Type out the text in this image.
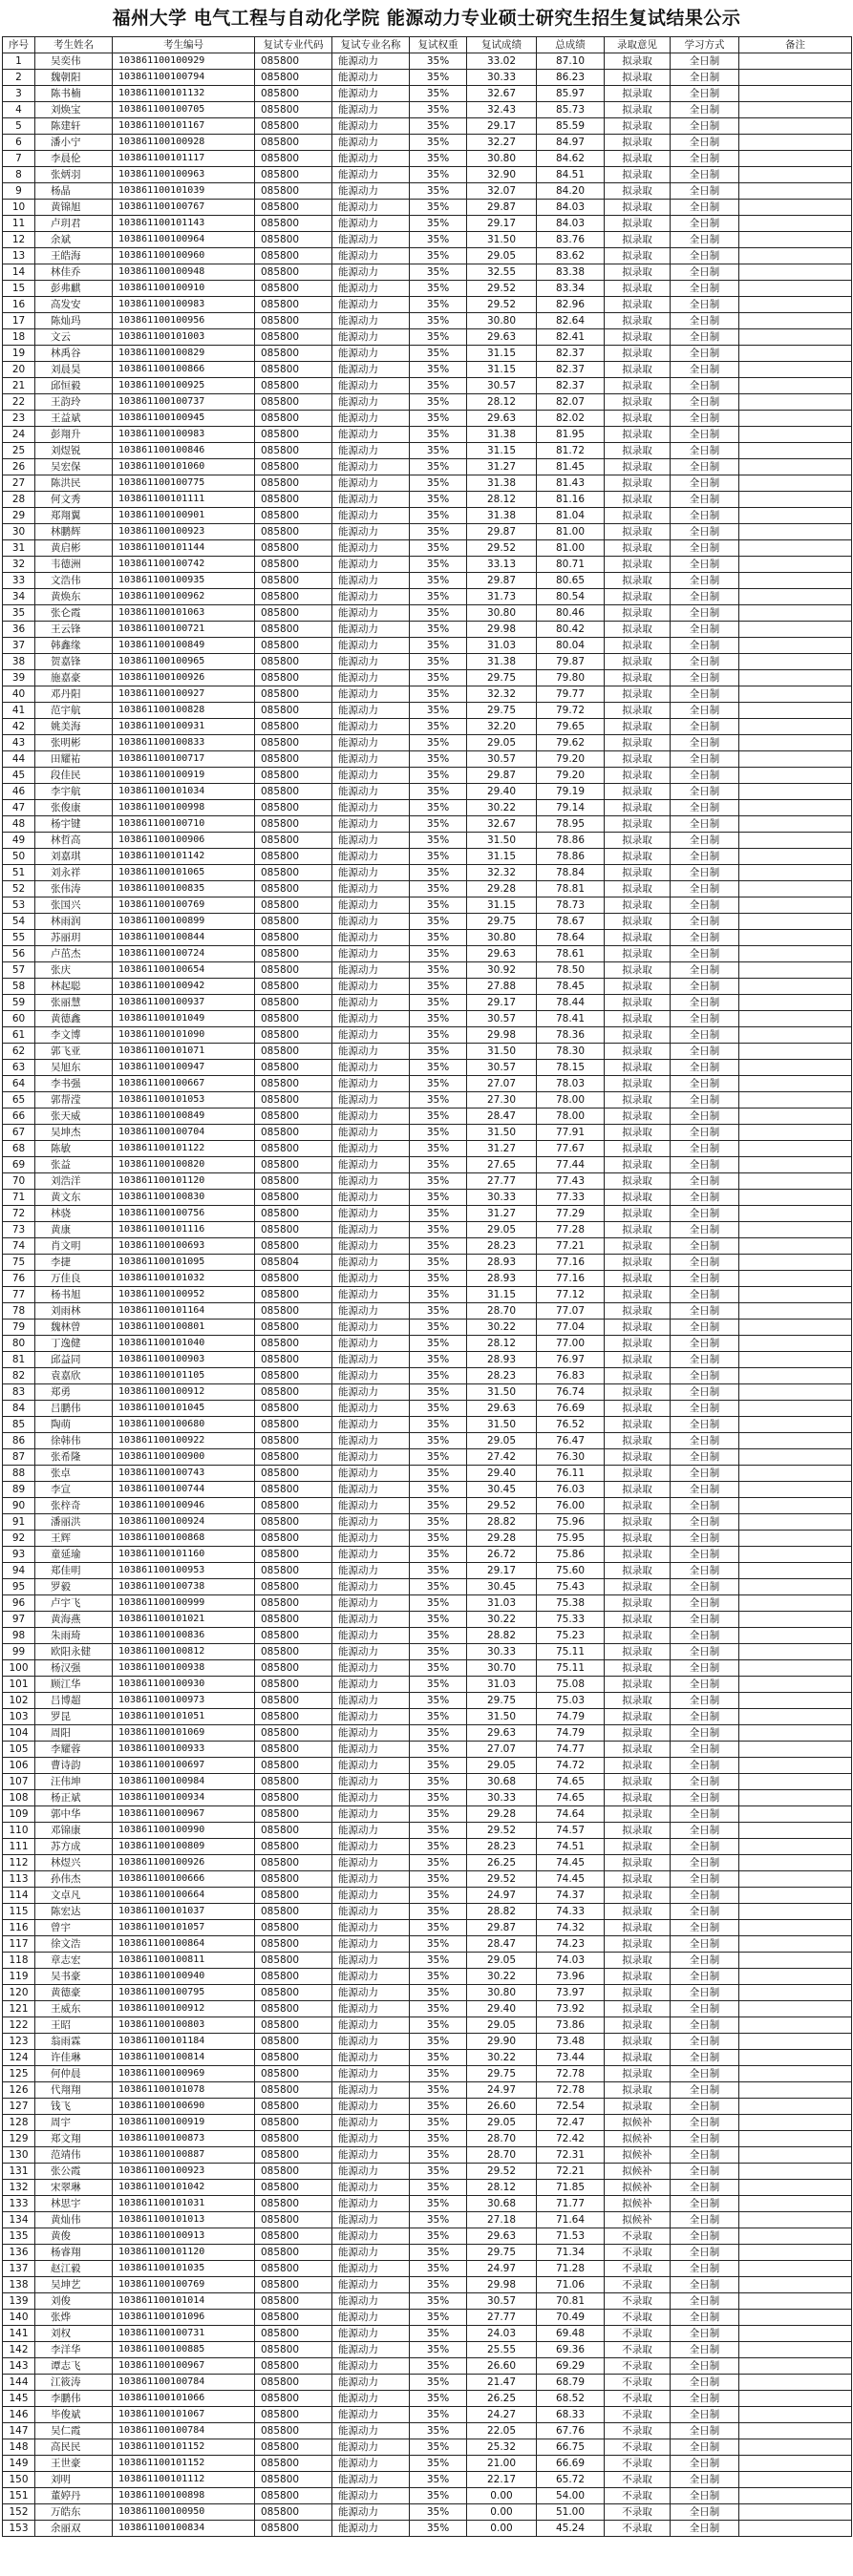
福州大学 电气工程与自动化学院 能源动力专业硕士研究生招生复试结果公示
序号	考生姓名	考生编号	复试专业代码	复试专业名称	复试权重	复试成绩	总成绩	录取意见	学习方式	备注
1	吴奕伟	103861100100929	085800	能源动力	35%	33.02	87.10	拟录取	全日制	
2	魏朝阳	103861100100794	085800	能源动力	35%	30.33	86.23	拟录取	全日制	
3	陈书楠	103861100101132	085800	能源动力	35%	32.67	85.97	拟录取	全日制	
4	刘焕宝	103861100100705	085800	能源动力	35%	32.43	85.73	拟录取	全日制	
5	陈建轩	103861100101167	085800	能源动力	35%	29.17	85.59	拟录取	全日制	
6	潘小宁	103861100100928	085800	能源动力	35%	32.27	84.97	拟录取	全日制	
7	李晨伦	103861100101117	085800	能源动力	35%	30.80	84.62	拟录取	全日制	
8	张炳羽	103861100100963	085800	能源动力	35%	32.90	84.51	拟录取	全日制	
9	杨晶	103861100101039	085800	能源动力	35%	32.07	84.20	拟录取	全日制	
10	黄锦旭	103861100100767	085800	能源动力	35%	29.87	84.03	拟录取	全日制	
11	卢玥君	103861100101143	085800	能源动力	35%	29.17	84.03	拟录取	全日制	
12	余斌	103861100100964	085800	能源动力	35%	31.50	83.76	拟录取	全日制	
13	王皓海	103861100100960	085800	能源动力	35%	29.05	83.62	拟录取	全日制	
14	林佳乔	103861100100948	085800	能源动力	35%	32.55	83.38	拟录取	全日制	
15	彭弗麒	103861100100910	085800	能源动力	35%	29.52	83.34	拟录取	全日制	
16	高发安	103861100100983	085800	能源动力	35%	29.52	82.96	拟录取	全日制	
17	陈灿玛	103861100100956	085800	能源动力	35%	30.80	82.64	拟录取	全日制	
18	文云	103861100101003	085800	能源动力	35%	29.63	82.41	拟录取	全日制	
19	林禹谷	103861100100829	085800	能源动力	35%	31.15	82.37	拟录取	全日制	
20	刘晨昊	103861100100866	085800	能源动力	35%	31.15	82.37	拟录取	全日制	
21	邱恒毅	103861100100925	085800	能源动力	35%	30.57	82.37	拟录取	全日制	
22	王韵玲	103861100100737	085800	能源动力	35%	28.12	82.07	拟录取	全日制	
23	王益斌	103861100100945	085800	能源动力	35%	29.63	82.02	拟录取	全日制	
24	彭翔升	103861100100983	085800	能源动力	35%	31.38	81.95	拟录取	全日制	
25	刘煜锐	103861100100846	085800	能源动力	35%	31.15	81.72	拟录取	全日制	
26	吴宏保	103861100101060	085800	能源动力	35%	31.27	81.45	拟录取	全日制	
27	陈洪民	103861100100775	085800	能源动力	35%	31.38	81.43	拟录取	全日制	
28	何文秀	103861100101111	085800	能源动力	35%	28.12	81.16	拟录取	全日制	
29	郑翔翼	103861100100901	085800	能源动力	35%	31.38	81.04	拟录取	全日制	
30	林鹏辉	103861100100923	085800	能源动力	35%	29.87	81.00	拟录取	全日制	
31	黄启彬	103861100101144	085800	能源动力	35%	29.52	81.00	拟录取	全日制	
32	韦德洲	103861100100742	085800	能源动力	35%	33.13	80.71	拟录取	全日制	
33	文浩伟	103861100100935	085800	能源动力	35%	29.87	80.65	拟录取	全日制	
34	黄焕东	103861100100962	085800	能源动力	35%	31.73	80.54	拟录取	全日制	
35	张仑霞	103861100101063	085800	能源动力	35%	30.80	80.46	拟录取	全日制	
36	王云锋	103861100100721	085800	能源动力	35%	29.98	80.42	拟录取	全日制	
37	韩鑫缘	103861100100849	085800	能源动力	35%	31.03	80.04	拟录取	全日制	
38	贺嘉锋	103861100100965	085800	能源动力	35%	31.38	79.87	拟录取	全日制	
39	施嘉豪	103861100100926	085800	能源动力	35%	29.75	79.80	拟录取	全日制	
40	邓丹阳	103861100100927	085800	能源动力	35%	32.32	79.77	拟录取	全日制	
41	范宇航	103861100100828	085800	能源动力	35%	29.75	79.72	拟录取	全日制	
42	姚美海	103861100100931	085800	能源动力	35%	32.20	79.65	拟录取	全日制	
43	张明彬	103861100100833	085800	能源动力	35%	29.05	79.62	拟录取	全日制	
44	田耀祐	103861100100717	085800	能源动力	35%	30.57	79.20	拟录取	全日制	
45	段佳民	103861100100919	085800	能源动力	35%	29.87	79.20	拟录取	全日制	
46	李宇航	103861100101034	085800	能源动力	35%	29.40	79.19	拟录取	全日制	
47	张俊康	103861100100998	085800	能源动力	35%	30.22	79.14	拟录取	全日制	
48	杨宇键	103861100100710	085800	能源动力	35%	32.67	78.95	拟录取	全日制	
49	林哲高	103861100100906	085800	能源动力	35%	31.50	78.86	拟录取	全日制	
50	刘嘉琪	103861100101142	085800	能源动力	35%	31.15	78.86	拟录取	全日制	
51	刘永祥	103861100101065	085800	能源动力	35%	32.32	78.84	拟录取	全日制	
52	张伟涛	103861100100835	085800	能源动力	35%	29.28	78.81	拟录取	全日制	
53	张国兴	103861100100769	085800	能源动力	35%	31.15	78.73	拟录取	全日制	
54	林雨润	103861100100899	085800	能源动力	35%	29.75	78.67	拟录取	全日制	
55	苏丽玥	103861100100844	085800	能源动力	35%	30.80	78.64	拟录取	全日制	
56	卢茁杰	103861100100724	085800	能源动力	35%	29.63	78.61	拟录取	全日制	
57	张庆	103861100100654	085800	能源动力	35%	30.92	78.50	拟录取	全日制	
58	林起聪	103861100100942	085800	能源动力	35%	27.88	78.45	拟录取	全日制	
59	张丽慧	103861100100937	085800	能源动力	35%	29.17	78.44	拟录取	全日制	
60	黄德鑫	103861100101049	085800	能源动力	35%	30.57	78.41	拟录取	全日制	
61	李文博	103861100101090	085800	能源动力	35%	29.98	78.36	拟录取	全日制	
62	郭飞亚	103861100101071	085800	能源动力	35%	31.50	78.30	拟录取	全日制	
63	吴旭东	103861100100947	085800	能源动力	35%	30.57	78.15	拟录取	全日制	
64	李书强	103861100100667	085800	能源动力	35%	27.07	78.03	拟录取	全日制	
65	郭帮滢	103861100101053	085800	能源动力	35%	27.30	78.00	拟录取	全日制	
66	张天威	103861100100849	085800	能源动力	35%	28.47	78.00	拟录取	全日制	
67	吴坤杰	103861100100704	085800	能源动力	35%	31.50	77.91	拟录取	全日制	
68	陈敏	103861100101122	085800	能源动力	35%	31.27	77.67	拟录取	全日制	
69	张益	103861100100820	085800	能源动力	35%	27.65	77.44	拟录取	全日制	
70	刘浩洋	103861100101120	085800	能源动力	35%	27.77	77.43	拟录取	全日制	
71	黄文东	103861100100830	085800	能源动力	35%	30.33	77.33	拟录取	全日制	
72	林骁	103861100100756	085800	能源动力	35%	31.27	77.29	拟录取	全日制	
73	黄康	103861100101116	085800	能源动力	35%	29.05	77.28	拟录取	全日制	
74	肖文明	103861100100693	085800	能源动力	35%	28.23	77.21	拟录取	全日制	
75	李捷	103861100101095	085804	能源动力	35%	28.93	77.16	拟录取	全日制	
76	万佳良	103861100101032	085800	能源动力	35%	28.93	77.16	拟录取	全日制	
77	杨书旭	103861100100952	085800	能源动力	35%	31.15	77.12	拟录取	全日制	
78	刘雨林	103861100101164	085800	能源动力	35%	28.70	77.07	拟录取	全日制	
79	魏林曾	103861100100801	085800	能源动力	35%	30.22	77.04	拟录取	全日制	
80	丁逸健	103861100101040	085800	能源动力	35%	28.12	77.00	拟录取	全日制	
81	邱益同	103861100100903	085800	能源动力	35%	28.93	76.97	拟录取	全日制	
82	袁嘉欣	103861100101105	085800	能源动力	35%	28.23	76.83	拟录取	全日制	
83	郑勇	103861100100912	085800	能源动力	35%	31.50	76.74	拟录取	全日制	
84	吕鹏伟	103861100101045	085800	能源动力	35%	29.63	76.69	拟录取	全日制	
85	陶萌	103861100100680	085800	能源动力	35%	31.50	76.52	拟录取	全日制	
86	徐韩伟	103861100100922	085800	能源动力	35%	29.05	76.47	拟录取	全日制	
87	张希隆	103861100100900	085800	能源动力	35%	27.42	76.30	拟录取	全日制	
88	张卓	103861100100743	085800	能源动力	35%	29.40	76.11	拟录取	全日制	
89	李宣	103861100100744	085800	能源动力	35%	30.45	76.03	拟录取	全日制	
90	张梓奇	103861100100946	085800	能源动力	35%	29.52	76.00	拟录取	全日制	
91	潘丽洪	103861100100924	085800	能源动力	35%	28.82	75.96	拟录取	全日制	
92	王辉	103861100100868	085800	能源动力	35%	29.28	75.95	拟录取	全日制	
93	童延瑜	103861100101160	085800	能源动力	35%	26.72	75.86	拟录取	全日制	
94	郑佳明	103861100100953	085800	能源动力	35%	29.17	75.60	拟录取	全日制	
95	罗毅	103861100100738	085800	能源动力	35%	30.45	75.43	拟录取	全日制	
96	卢宇飞	103861100100999	085800	能源动力	35%	31.03	75.38	拟录取	全日制	
97	黄海燕	103861100101021	085800	能源动力	35%	30.22	75.33	拟录取	全日制	
98	朱雨琦	103861100100836	085800	能源动力	35%	28.82	75.23	拟录取	全日制	
99	欧阳永健	103861100100812	085800	能源动力	35%	30.33	75.11	拟录取	全日制	
100	杨汉强	103861100100938	085800	能源动力	35%	30.70	75.11	拟录取	全日制	
101	顾江华	103861100100930	085800	能源动力	35%	31.03	75.08	拟录取	全日制	
102	吕博超	103861100100973	085800	能源动力	35%	29.75	75.03	拟录取	全日制	
103	罗昆	103861100101051	085800	能源动力	35%	31.50	74.79	拟录取	全日制	
104	周阳	103861100101069	085800	能源动力	35%	29.63	74.79	拟录取	全日制	
105	李耀蓉	103861100100933	085800	能源动力	35%	27.07	74.77	拟录取	全日制	
106	曹诗韵	103861100100697	085800	能源动力	35%	29.05	74.72	拟录取	全日制	
107	汪伟坤	103861100100984	085800	能源动力	35%	30.68	74.65	拟录取	全日制	
108	杨正斌	103861100100934	085800	能源动力	35%	30.33	74.65	拟录取	全日制	
109	郭中华	103861100100967	085800	能源动力	35%	29.28	74.64	拟录取	全日制	
110	邓锦康	103861100100990	085800	能源动力	35%	29.52	74.57	拟录取	全日制	
111	苏方成	103861100100809	085800	能源动力	35%	28.23	74.51	拟录取	全日制	
112	林煜兴	103861100100926	085800	能源动力	35%	26.25	74.45	拟录取	全日制	
113	孙伟杰	103861100100666	085800	能源动力	35%	29.52	74.45	拟录取	全日制	
114	文卓凡	103861100100664	085800	能源动力	35%	24.97	74.37	拟录取	全日制	
115	陈宏达	103861100101037	085800	能源动力	35%	28.82	74.33	拟录取	全日制	
116	曾宇	103861100101057	085800	能源动力	35%	29.87	74.32	拟录取	全日制	
117	徐文浩	103861100100864	085800	能源动力	35%	28.47	74.23	拟录取	全日制	
118	章志宏	103861100100811	085800	能源动力	35%	29.05	74.03	拟录取	全日制	
119	吴书豪	103861100100940	085800	能源动力	35%	30.22	73.96	拟录取	全日制	
120	黄德豪	103861100100795	085800	能源动力	35%	30.80	73.97	拟录取	全日制	
121	王威东	103861100100912	085800	能源动力	35%	29.40	73.92	拟录取	全日制	
122	王昭	103861100100803	085800	能源动力	35%	29.05	73.86	拟录取	全日制	
123	翁雨霖	103861100101184	085800	能源动力	35%	29.90	73.48	拟录取	全日制	
124	许佳琳	103861100100814	085800	能源动力	35%	30.22	73.44	拟录取	全日制	
125	何仲晨	103861100100969	085800	能源动力	35%	29.75	72.78	拟录取	全日制	
126	代翔翔	103861100101078	085800	能源动力	35%	24.97	72.78	拟录取	全日制	
127	钱飞	103861100100690	085800	能源动力	35%	26.60	72.54	拟录取	全日制	
128	周宇	103861100100919	085800	能源动力	35%	29.05	72.47	拟候补	全日制	
129	郑文翔	103861100100873	085800	能源动力	35%	28.70	72.42	拟候补	全日制	
130	范靖伟	103861100100887	085800	能源动力	35%	28.70	72.31	拟候补	全日制	
131	张公霞	103861100100923	085800	能源动力	35%	29.52	72.21	拟候补	全日制	
132	宋翠琳	103861100101042	085800	能源动力	35%	28.12	71.85	拟候补	全日制	
133	林思宇	103861100101031	085800	能源动力	35%	30.68	71.77	拟候补	全日制	
134	黄灿伟	103861100101013	085800	能源动力	35%	27.18	71.64	拟候补	全日制	
135	黄俊	103861100100913	085800	能源动力	35%	29.63	71.53	不录取	全日制	
136	杨睿翔	103861100101120	085800	能源动力	35%	29.75	71.34	不录取	全日制	
137	赵江毅	103861100101035	085800	能源动力	35%	24.97	71.28	不录取	全日制	
138	吴坤艺	103861100100769	085800	能源动力	35%	29.98	71.06	不录取	全日制	
139	刘俊	103861100101014	085800	能源动力	35%	30.57	70.81	不录取	全日制	
140	张烨	103861100101096	085800	能源动力	35%	27.77	70.49	不录取	全日制	
141	刘权	103861100100731	085800	能源动力	35%	24.03	69.48	不录取	全日制	
142	李洋华	103861100100885	085800	能源动力	35%	25.55	69.36	不录取	全日制	
143	谭志飞	103861100100967	085800	能源动力	35%	26.60	69.29	不录取	全日制	
144	江筱涛	103861100100784	085800	能源动力	35%	21.47	68.79	不录取	全日制	
145	李鹏伟	103861100101066	085800	能源动力	35%	26.25	68.52	不录取	全日制	
146	毕俊斌	103861100101067	085800	能源动力	35%	24.27	68.33	不录取	全日制	
147	吴仁霞	103861100100784	085800	能源动力	35%	22.05	67.76	不录取	全日制	
148	高民民	103861100101152	085800	能源动力	35%	25.32	66.75	不录取	全日制	
149	王世豪	103861100101152	085800	能源动力	35%	21.00	66.69	不录取	全日制	
150	刘明	103861100101112	085800	能源动力	35%	22.17	65.72	不录取	全日制	
151	董婷丹	103861100100898	085800	能源动力	35%	0.00	54.00	不录取	全日制	
152	万皓东	103861100100950	085800	能源动力	35%	0.00	51.00	不录取	全日制	
153	余丽双	103861100100834	085800	能源动力	35%	0.00	45.24	不录取	全日制	
